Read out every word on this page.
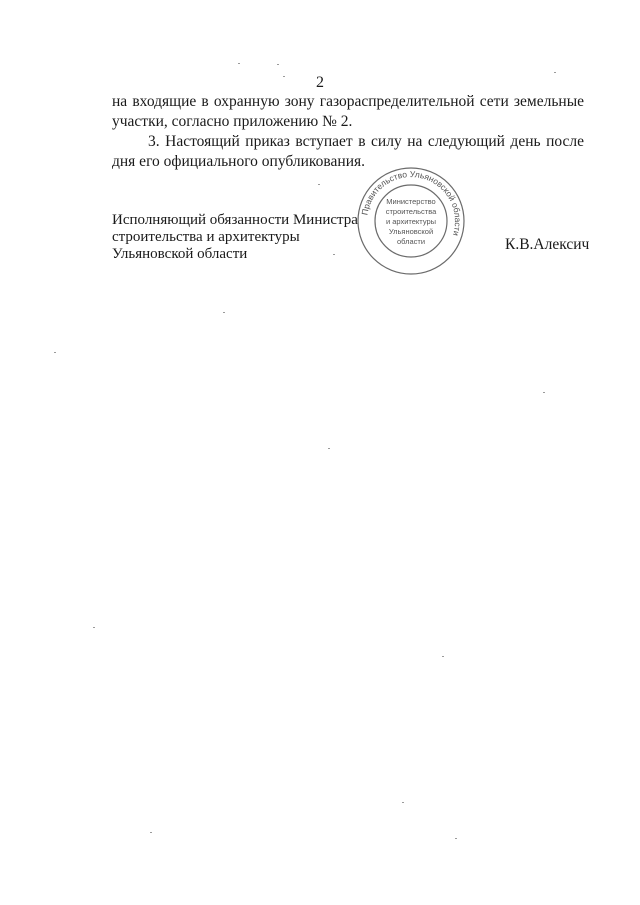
2

на входящие в охранную зону газораспределительной сети земельные участки, согласно приложению № 2.

3. Настоящий приказ вступает в силу на следующий день после дня его официального опубликования.

Исполняющий обязанности Министра
строительства и архитектуры
Ульяновской области
Правительство Ульяновской области
Министерство
строительства
и архитектуры
Ульяновской
области	К.В.Алексич
